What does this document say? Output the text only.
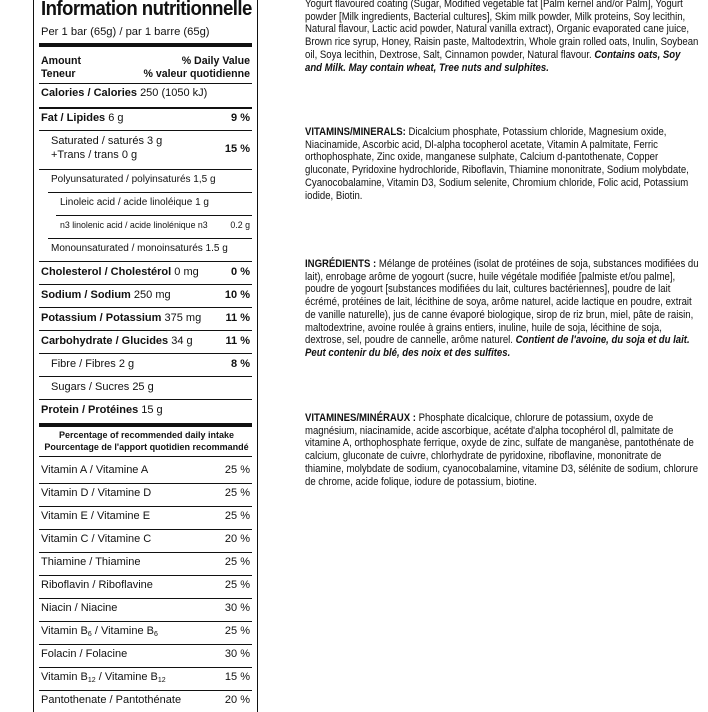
Information nutritionnelle
Per 1 bar (65g) / par 1 barre (65g)
Amount	% Daily Value
Teneur	% valeur quotidienne
Calories / Calories 250 (1050 kJ)
Fat / Lipides 6 g	9 %
Saturated / saturés 3 g
+Trans / trans 0 g	15 %
Polyunsaturated / polyinsaturés 1,5 g
Linoleic acid / acide linoléique 1 g
n3 linolenic acid / acide linolénique n3	0.2 g
Monounsaturated / monoinsaturés 1.5 g
Cholesterol / Cholestérol 0 mg	0 %
Sodium / Sodium 250 mg	10 %
Potassium / Potassium 375 mg 11 %
Carbohydrate / Glucides 34 g	11 %
Fibre / Fibres 2 g	8 %
Sugars / Sucres 25 g
Protein / Protéines 15 g
Percentage of recommended daily intake
Pourcentage de l'apport quotidien recommandé
Vitamin A / Vitamine A	25 %
Vitamin D / Vitamine D	25 %
Vitamin E / Vitamine E	25 %
Vitamin C / Vitamine C	20 %
Thiamine / Thiamine	25 %
Riboflavin / Riboflavine	25 %
Niacin / Niacine	30 %
Vitamin $B_6$ / Vitamine $B_6$	25 %
Folacin / Folacine	30 %
Vitamin $B_{12}$ / Vitamine $B_{12}$	15 %
Pantothenate / Pantothénate	20 %

Yogurt flavoured coating (Sugar, Modified vegetable fat [Palm kernel and/or Palm], Yogurt powder [Milk ingredients, Bacterial cultures], Skim milk powder, Milk proteins, Soy lecithin, Natural flavour, Lactic acid powder, Natural vanilla extract), Organic evaporated cane juice, Brown rice syrup, Honey, Raisin paste, Maltodextrin, Whole grain rolled oats, Inulin, Soybean oil, Soya lecithin, Dextrose, Salt, Cinnamon powder, Natural flavour. Contains oats, Soy and Milk. May contain wheat, Tree nuts and sulphites.

VITAMINS/MINERALS: Dicalcium phosphate, Potassium chloride, Magnesium oxide, Niacinamide, Ascorbic acid, Dl-alpha tocopherol acetate, Vitamin A palmitate, Ferric orthophosphate, Zinc oxide, manganese sulphate, Calcium d-pantothenate, Copper gluconate, Pyridoxine hydrochloride, Riboflavin, Thiamine mononitrate, Sodium molybdate, Cyanocobalamine, Vitamin D3, Sodium selenite, Chromium chloride, Folic acid, Potassium iodide, Biotin.

INGRÉDIENTS : Mélange de protéines (isolat de protéines de soja, substances modifiées du lait), enrobage arôme de yogourt (sucre, huile végétale modifiée [palmiste et/ou palme], poudre de yogourt [substances modifiées du lait, cultures bactériennes], poudre de lait écrémé, protéines de lait, lécithine de soya, arôme naturel, acide lactique en poudre, extrait de vanille naturelle), jus de canne évaporé biologique, sirop de riz brun, miel, pâte de raisin, maltodextrine, avoine roulée à grains entiers, inuline, huile de soja, lécithine de soja, dextrose, sel, poudre de cannelle, arôme naturel. Contient de l'avoine, du soja et du lait. Peut contenir du blé, des noix et des sulfites.

VITAMINES/MINÉRAUX : Phosphate dicalcique, chlorure de potassium, oxyde de magnésium, niacinamide, acide ascorbique, acétate d'alpha tocophérol dl, palmitate de vitamine A, orthophosphate ferrique, oxyde de zinc, sulfate de manganèse, pantothénate de calcium, gluconate de cuivre, chlorhydrate de pyridoxine, riboflavine, mononitrate de thiamine, molybdate de sodium, cyanocobalamine, vitamine D3, sélénite de sodium, chlorure de chrome, acide folique, iodure de potassium, biotine.
